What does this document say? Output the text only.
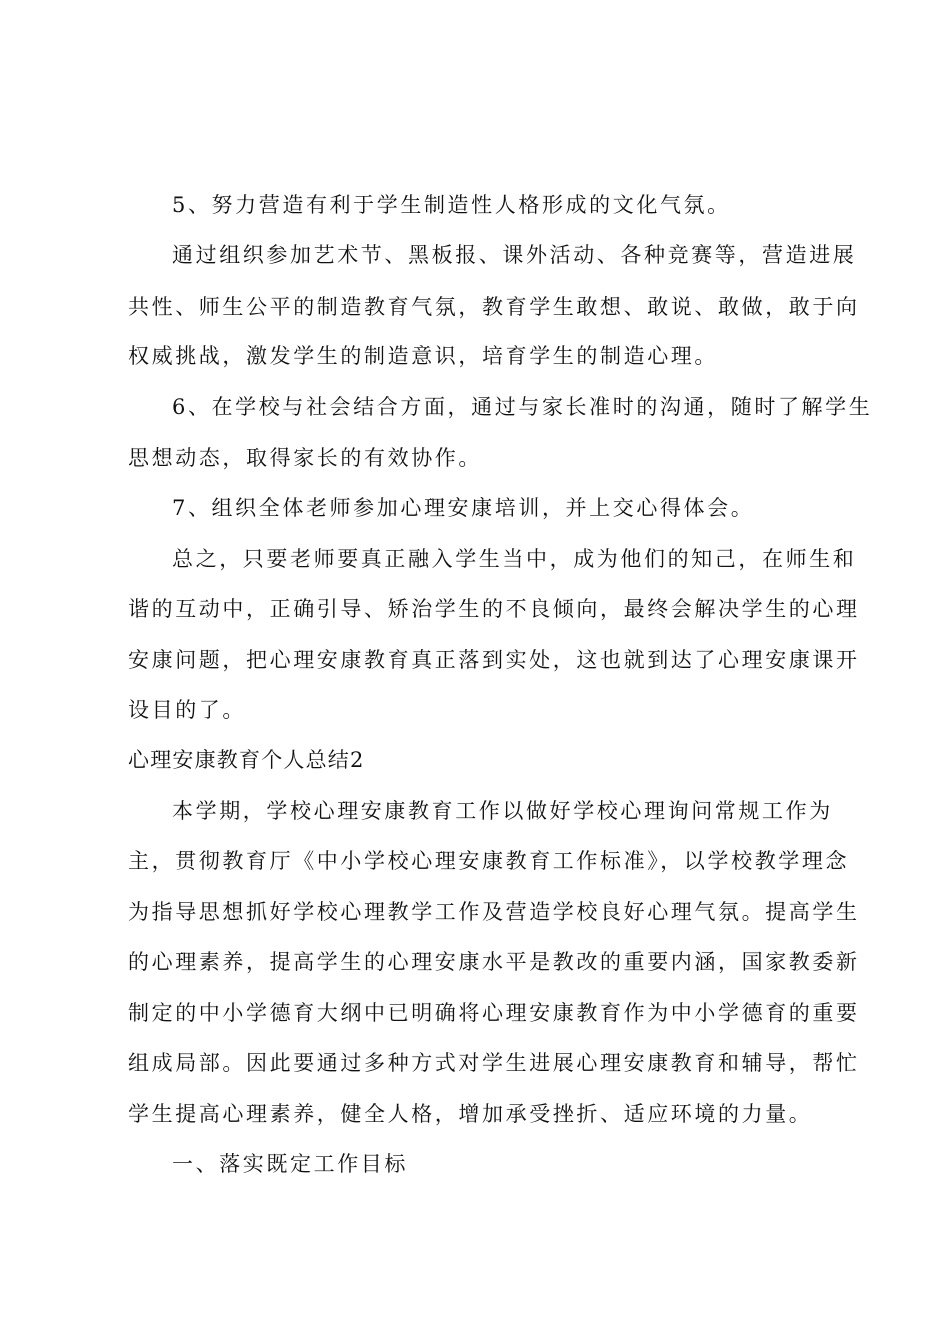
5、努力营造有利于学生制造性人格形成的文化气氛。
通过组织参加艺术节、黑板报、课外活动、各种竞赛等，营造进展
共性、师生公平的制造教育气氛，教育学生敢想、敢说、敢做，敢于向
权威挑战，激发学生的制造意识，培育学生的制造心理。
6、在学校与社会结合方面，通过与家长准时的沟通，随时了解学生
思想动态，取得家长的有效协作。
7、组织全体老师参加心理安康培训，并上交心得体会。
总之，只要老师要真正融入学生当中，成为他们的知己，在师生和
谐的互动中，正确引导、矫治学生的不良倾向，最终会解决学生的心理
安康问题，把心理安康教育真正落到实处，这也就到达了心理安康课开
设目的了。
心理安康教育个人总结2
本学期，学校心理安康教育工作以做好学校心理询问常规工作为
主，贯彻教育厅《中小学校心理安康教育工作标准》，以学校教学理念
为指导思想抓好学校心理教学工作及营造学校良好心理气氛。提高学生
的心理素养，提高学生的心理安康水平是教改的重要内涵，国家教委新
制定的中小学德育大纲中已明确将心理安康教育作为中小学德育的重要
组成局部。因此要通过多种方式对学生进展心理安康教育和辅导，帮忙
学生提高心理素养，健全人格，增加承受挫折、适应环境的力量。
一、落实既定工作目标
